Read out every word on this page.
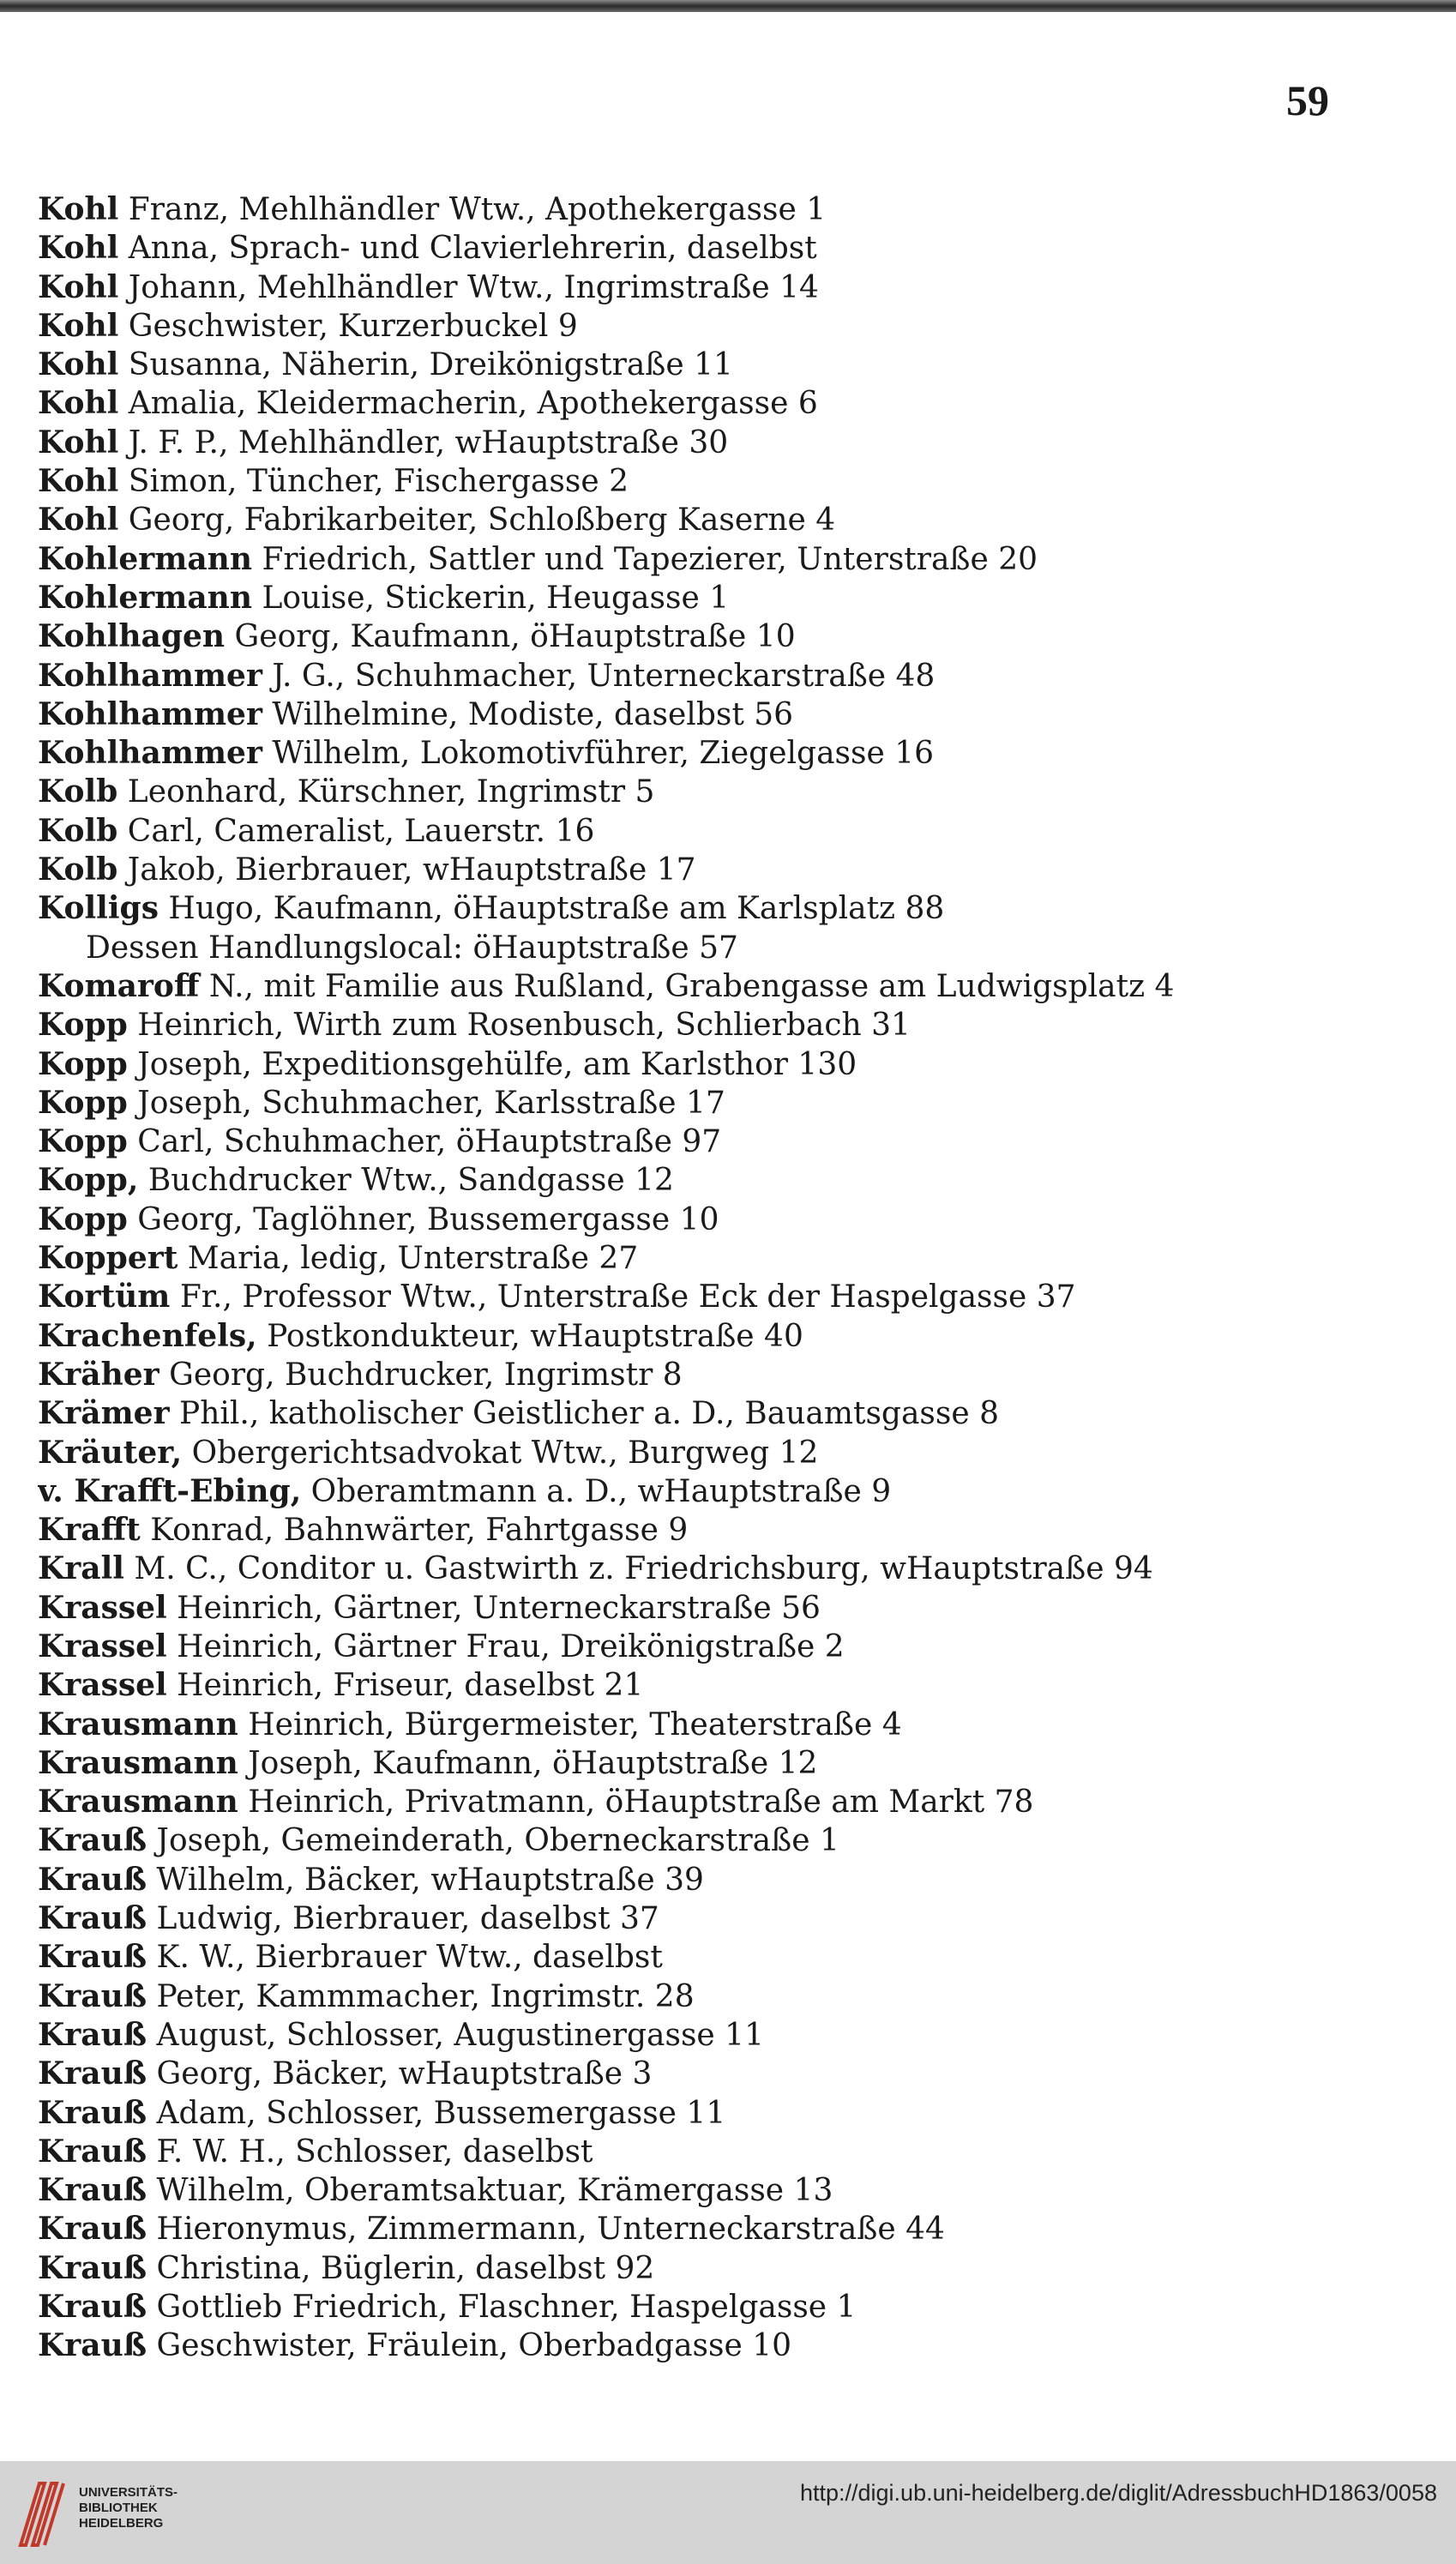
59
Kohl Franz, Mehlhändler Wtw., Apothekergasse 1
Kohl Anna, Sprach- und Clavierlehrerin, daselbst
Kohl Johann, Mehlhändler Wtw., Ingrimstraße 14
Kohl Geschwister, Kurzerbuckel 9
Kohl Susanna, Näherin, Dreikönigstraße 11
Kohl Amalia, Kleidermacherin, Apothekergasse 6
Kohl J. F. P., Mehlhändler, wHauptstraße 30
Kohl Simon, Tüncher, Fischergasse 2
Kohl Georg, Fabrikarbeiter, Schloßberg Kaserne 4
Kohlermann Friedrich, Sattler und Tapezierer, Unterstraße 20
Kohlermann Louise, Stickerin, Heugasse 1
Kohlhagen Georg, Kaufmann, öHauptstraße 10
Kohlhammer J. G., Schuhmacher, Unterneckarstraße 48
Kohlhammer Wilhelmine, Modiste, daselbst 56
Kohlhammer Wilhelm, Lokomotivführer, Ziegelgasse 16
Kolb Leonhard, Kürschner, Ingrimstr 5
Kolb Carl, Cameralist, Lauerstr. 16
Kolb Jakob, Bierbrauer, wHauptstraße 17
Kolligs Hugo, Kaufmann, öHauptstraße am Karlsplatz 88
Dessen Handlungslocal: öHauptstraße 57
Komaroff N., mit Familie aus Rußland, Grabengasse am Ludwigsplatz 4
Kopp Heinrich, Wirth zum Rosenbusch, Schlierbach 31
Kopp Joseph, Expeditionsgehülfe, am Karlsthor 130
Kopp Joseph, Schuhmacher, Karlsstraße 17
Kopp Carl, Schuhmacher, öHauptstraße 97
Kopp, Buchdrucker Wtw., Sandgasse 12
Kopp Georg, Taglöhner, Bussemergasse 10
Koppert Maria, ledig, Unterstraße 27
Kortüm Fr., Professor Wtw., Unterstraße Eck der Haspelgasse 37
Krachenfels, Postkondukteur, wHauptstraße 40
Kräher Georg, Buchdrucker, Ingrimstr 8
Krämer Phil., katholischer Geistlicher a. D., Bauamtsgasse 8
Kräuter, Obergerichtsadvokat Wtw., Burgweg 12
v. Krafft-Ebing, Oberamtmann a. D., wHauptstraße 9
Krafft Konrad, Bahnwärter, Fahrtgasse 9
Krall M. C., Conditor u. Gastwirth z. Friedrichsburg, wHauptstraße 94
Krassel Heinrich, Gärtner, Unterneckarstraße 56
Krassel Heinrich, Gärtner Frau, Dreikönigstraße 2
Krassel Heinrich, Friseur, daselbst 21
Krausmann Heinrich, Bürgermeister, Theaterstraße 4
Krausmann Joseph, Kaufmann, öHauptstraße 12
Krausmann Heinrich, Privatmann, öHauptstraße am Markt 78
Krauß Joseph, Gemeinderath, Oberneckarstraße 1
Krauß Wilhelm, Bäcker, wHauptstraße 39
Krauß Ludwig, Bierbrauer, daselbst 37
Krauß K. W., Bierbrauer Wtw., daselbst
Krauß Peter, Kammmacher, Ingrimstr. 28
Krauß August, Schlosser, Augustinergasse 11
Krauß Georg, Bäcker, wHauptstraße 3
Krauß Adam, Schlosser, Bussemergasse 11
Krauß F. W. H., Schlosser, daselbst
Krauß Wilhelm, Oberamtsaktuar, Krämergasse 13
Krauß Hieronymus, Zimmermann, Unterneckarstraße 44
Krauß Christina, Büglerin, daselbst 92
Krauß Gottlieb Friedrich, Flaschner, Haspelgasse 1
Krauß Geschwister, Fräulein, Oberbadgasse 10
UNIVERSITÄTS-
BIBLIOTHEK
HEIDELBERG
http://digi.ub.uni-heidelberg.de/diglit/AdressbuchHD1863/0058
